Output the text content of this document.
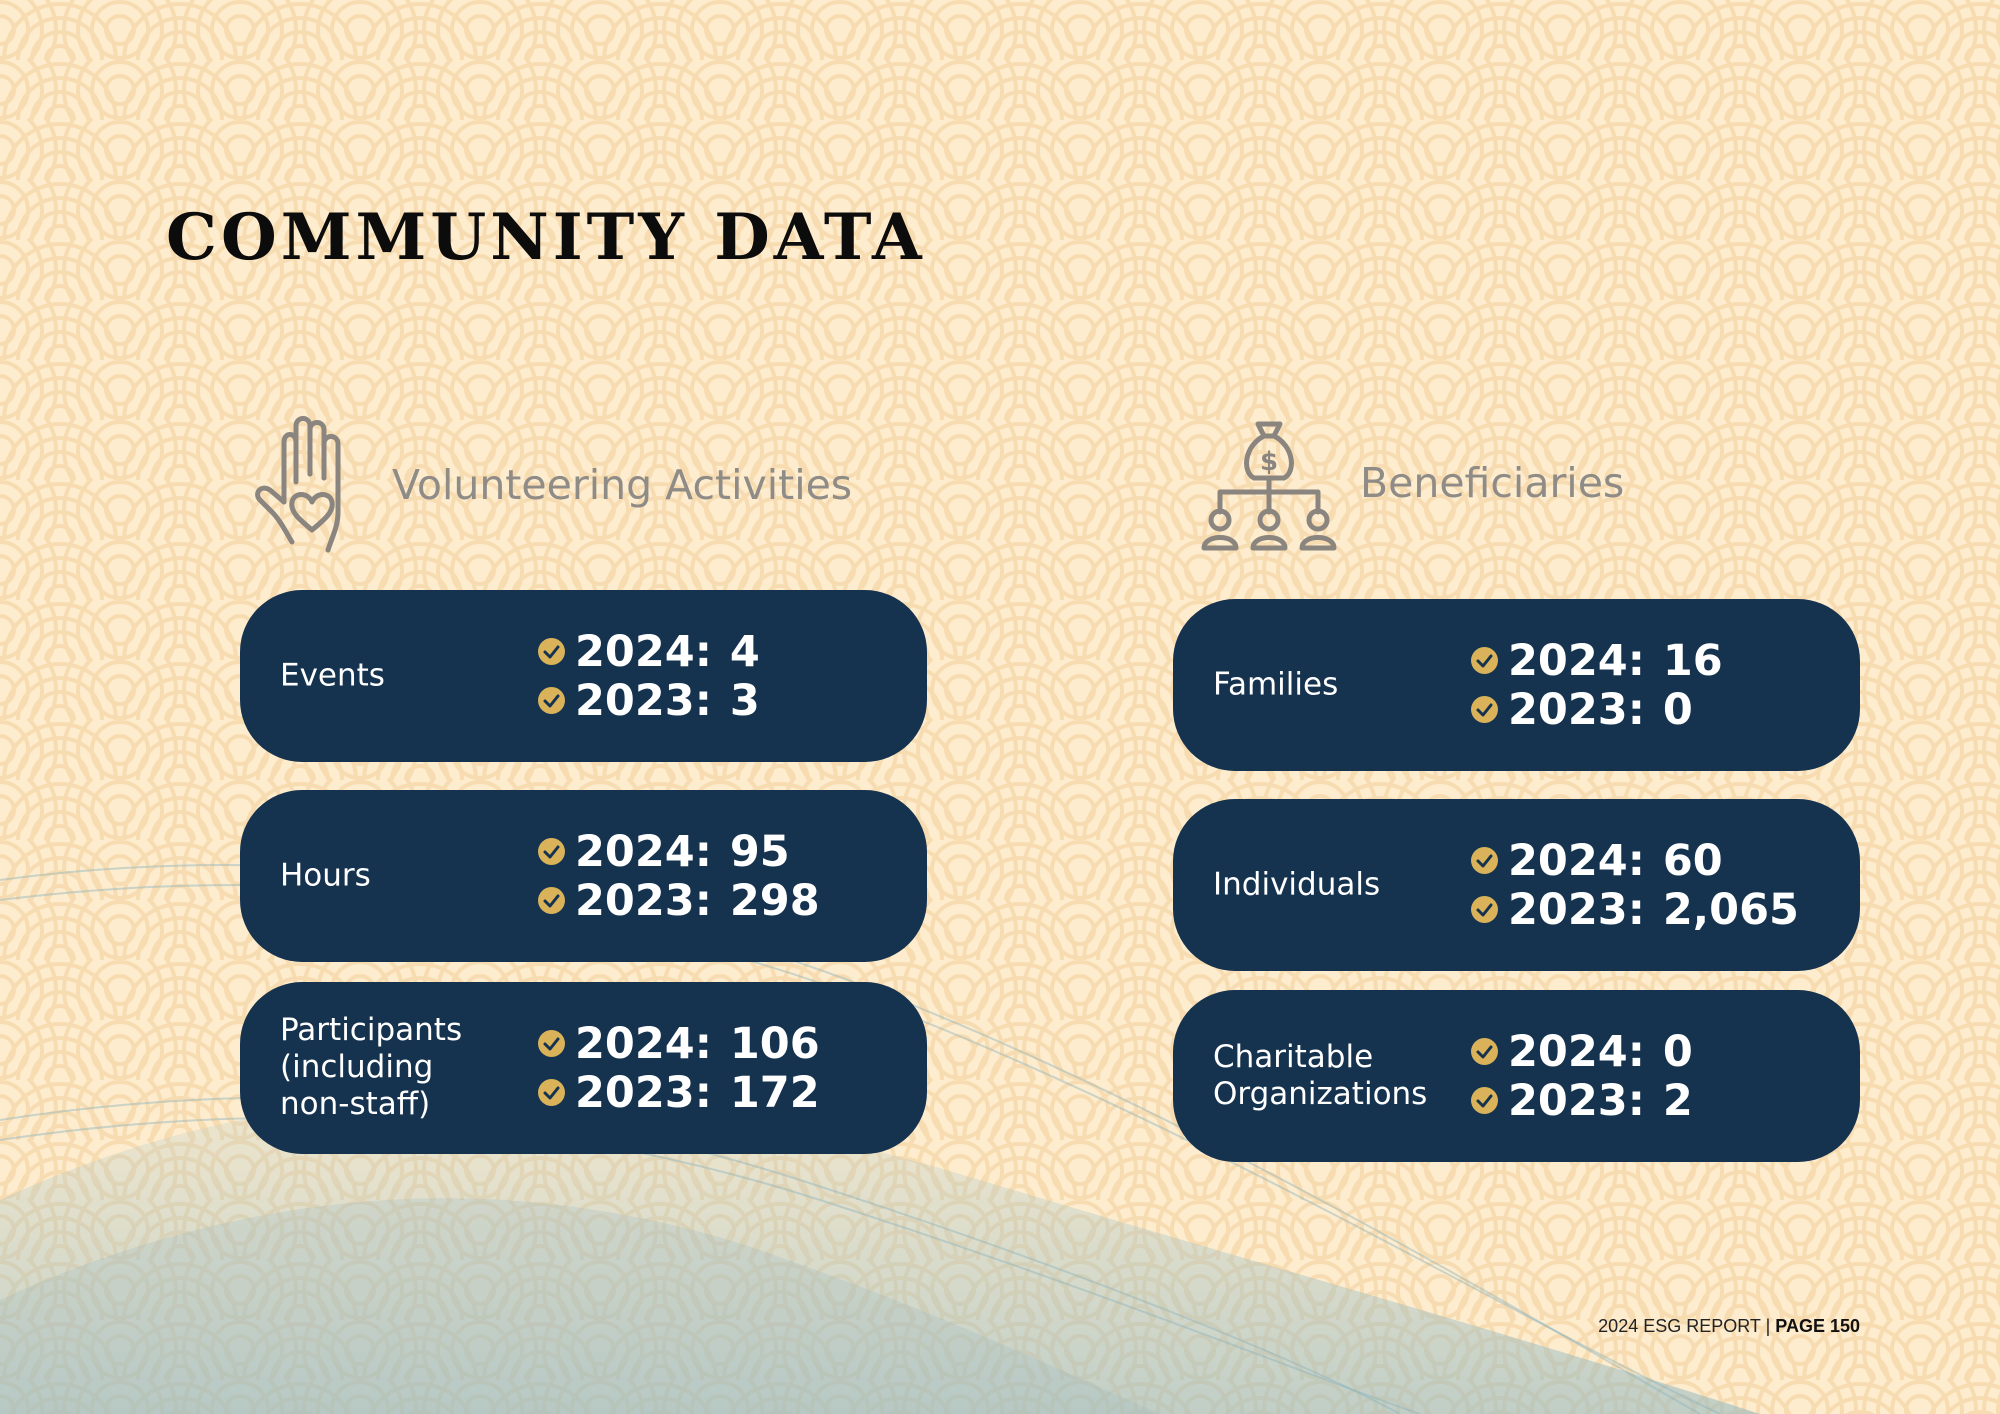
COMMUNITY DATA
Volunteering Activities	$ Beneficiaries
Events	2024 : 4
2023 : 3
Hours	2024 : 95
2023 : 298
Participants (including non-staff)
2024 : 106
2023 : 172
Families	2024 : 16
2023 : 0
Individuals	2024 : 60
2023 : 2,065
Charitable Organizations
2024 : 0
2023 : 2
2024 ESG REPORT | PAGE 150
